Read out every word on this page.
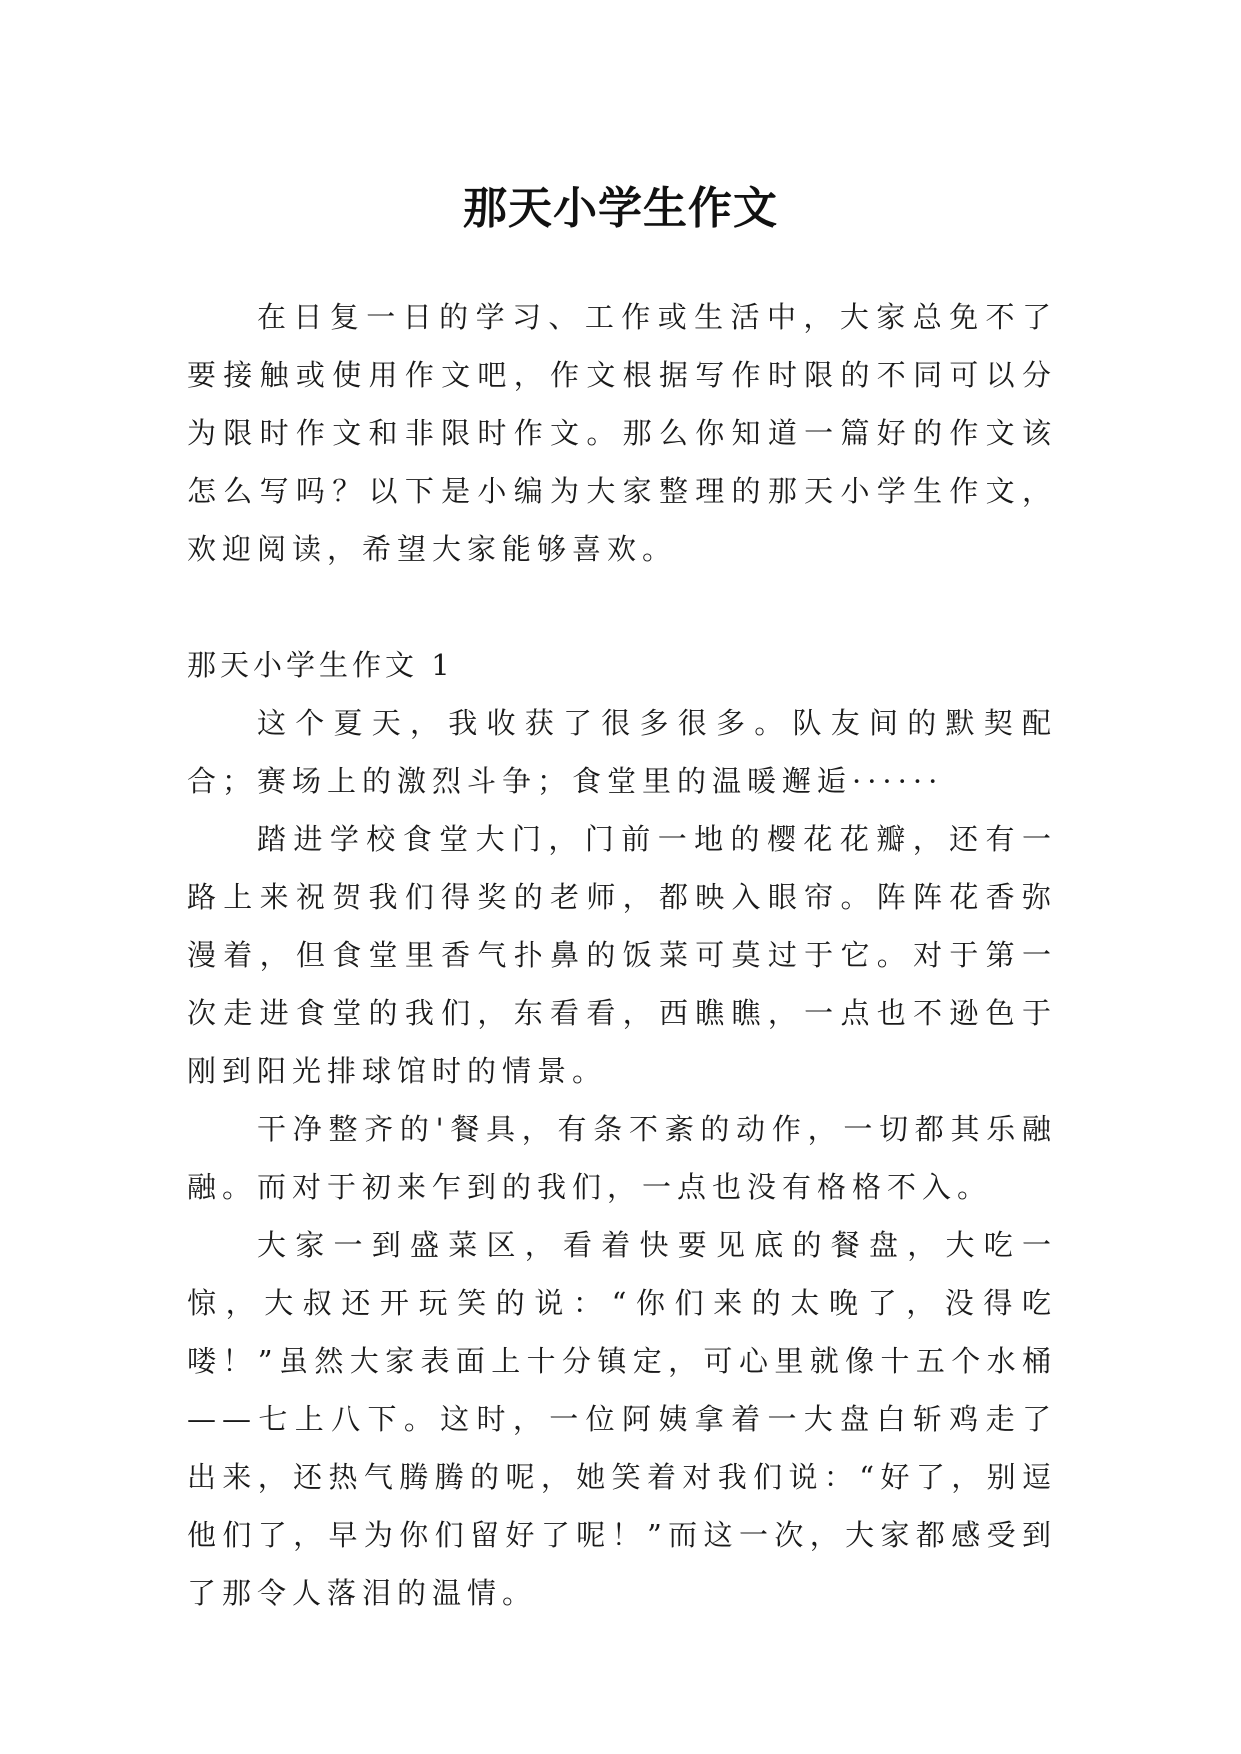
那天小学生作文

在日复一日的学习、工作或生活中，大家总免不了要接触或使用作文吧，作文根据写作时限的不同可以分为限时作文和非限时作文。那么你知道一篇好的作文该怎么写吗？以下是小编为大家整理的那天小学生作文，欢迎阅读，希望大家能够喜欢。

那天小学生作文 1

这个夏天，我收获了很多很多。队友间的默契配合；赛场上的激烈斗争；食堂里的温暖邂逅······

踏进学校食堂大门，门前一地的樱花花瓣，还有一路上来祝贺我们得奖的老师，都映入眼帘。阵阵花香弥漫着，但食堂里香气扑鼻的饭菜可莫过于它。对于第一次走进食堂的我们，东看看，西瞧瞧，一点也不逊色于刚到阳光排球馆时的情景。

干净整齐的'餐具，有条不紊的动作，一切都其乐融融。而对于初来乍到的我们，一点也没有格格不入。

大家一到盛菜区，看着快要见底的餐盘，大吃一惊，大叔还开玩笑的说：“你们来的太晚了，没得吃喽！”虽然大家表面上十分镇定，可心里就像十五个水桶——七上八下。这时，一位阿姨拿着一大盘白斩鸡走了出来，还热气腾腾的呢，她笑着对我们说：“好了，别逗他们了，早为你们留好了呢！”而这一次，大家都感受到了那令人落泪的温情。
